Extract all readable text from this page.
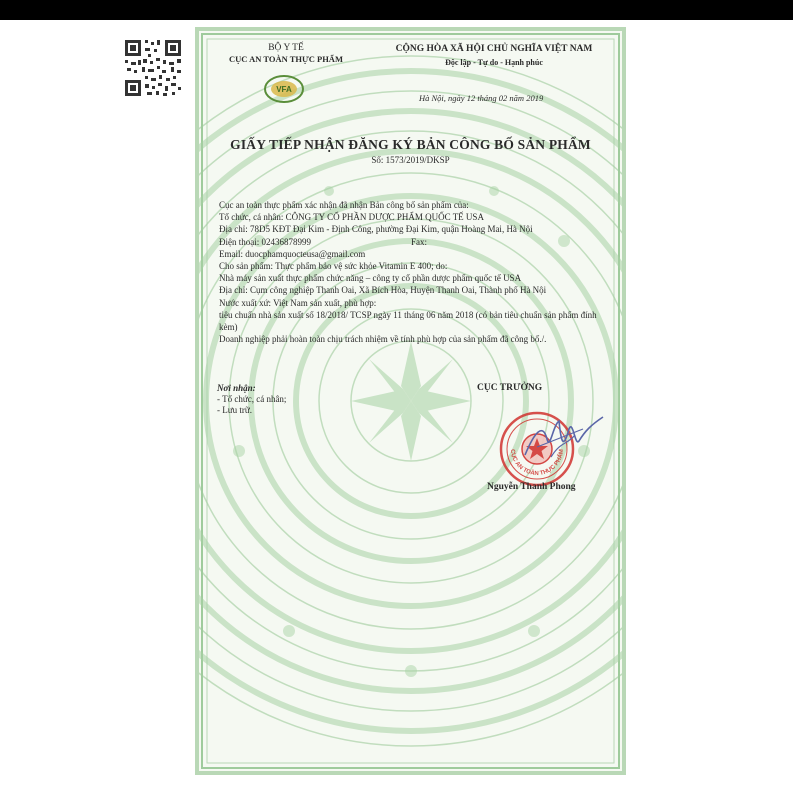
BỘ Y TẾ
CỤC AN TOÀN THỰC PHẨM
VFA
CỘNG HÒA XÃ HỘI CHỦ NGHĨA VIỆT NAM
Độc lập - Tự do - Hạnh phúc
Hà Nội, ngày 12 tháng 02 năm 2019
GIẤY TIẾP NHẬN ĐĂNG KÝ BẢN CÔNG BỐ SẢN PHẨM
Số: 1573/2019/DKSP
Cục an toàn thực phẩm xác nhận đã nhận Bản công bố sản phẩm của:
Tổ chức, cá nhân: CÔNG TY CỔ PHẦN DƯỢC PHẨM QUỐC TẾ USA
Địa chỉ: 78D5 KĐT Đại Kim - Định Công, phường Đại Kim, quận Hoàng Mai, Hà Nội
Điện thoại: 02436878999	Fax:
Email: duocphamquocteusa@gmail.com
Cho sản phẩm: Thực phẩm bảo vệ sức khỏe Vitamin E 400; do:
Nhà máy sản xuất thực phẩm chức năng – công ty cổ phần dược phẩm quốc tế USA
Địa chỉ: Cụm công nghiệp Thanh Oai, Xã Bích Hòa, Huyện Thanh Oai, Thành phố Hà Nội
Nước xuất xứ: Việt Nam sản xuất, phù hợp:
tiêu chuẩn nhà sản xuất số 18/2018/ TCSP ngày 11 tháng 06 năm 2018 (có bản tiêu chuẩn sản phẩm đính kèm)
Doanh nghiệp phải hoàn toàn chịu trách nhiệm về tính phù hợp của sản phẩm đã công bố./.
Nơi nhận:
- Tổ chức, cá nhân;
- Lưu trữ.
CỤC TRƯỞNG
CỤC AN TOÀN THỰC PHẨM
Nguyễn Thanh Phong
